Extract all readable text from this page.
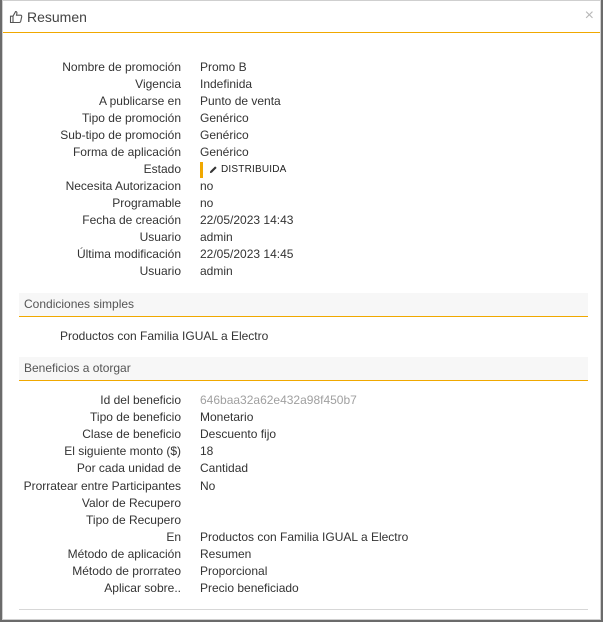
Resumen	×
Nombre de promoción Promo B
Vigencia Indefinida
A publicarse en Punto de venta
Tipo de promoción Genérico
Sub-tipo de promoción Genérico
Forma de aplicación Genérico
Estado	DISTRIBUIDA
Necesita Autorizacion no
Programable no
Fecha de creación 22/05/2023 14:43
Usuario admin
Última modificación 22/05/2023 14:45
Usuario admin
Condiciones simples
Productos con Familia IGUAL a Electro
Beneficios a otorgar
Id del beneficio 646baa32a62e432a98f450b7
Tipo de beneficio Monetario
Clase de beneficio Descuento fijo
El siguiente monto ($) 18
Por cada unidad de Cantidad
Prorratear entre Participantes No
Valor de Recupero
Tipo de Recupero
En Productos con Familia IGUAL a Electro
Método de aplicación Resumen
Método de prorrateo Proporcional
Aplicar sobre.. Precio beneficiado
